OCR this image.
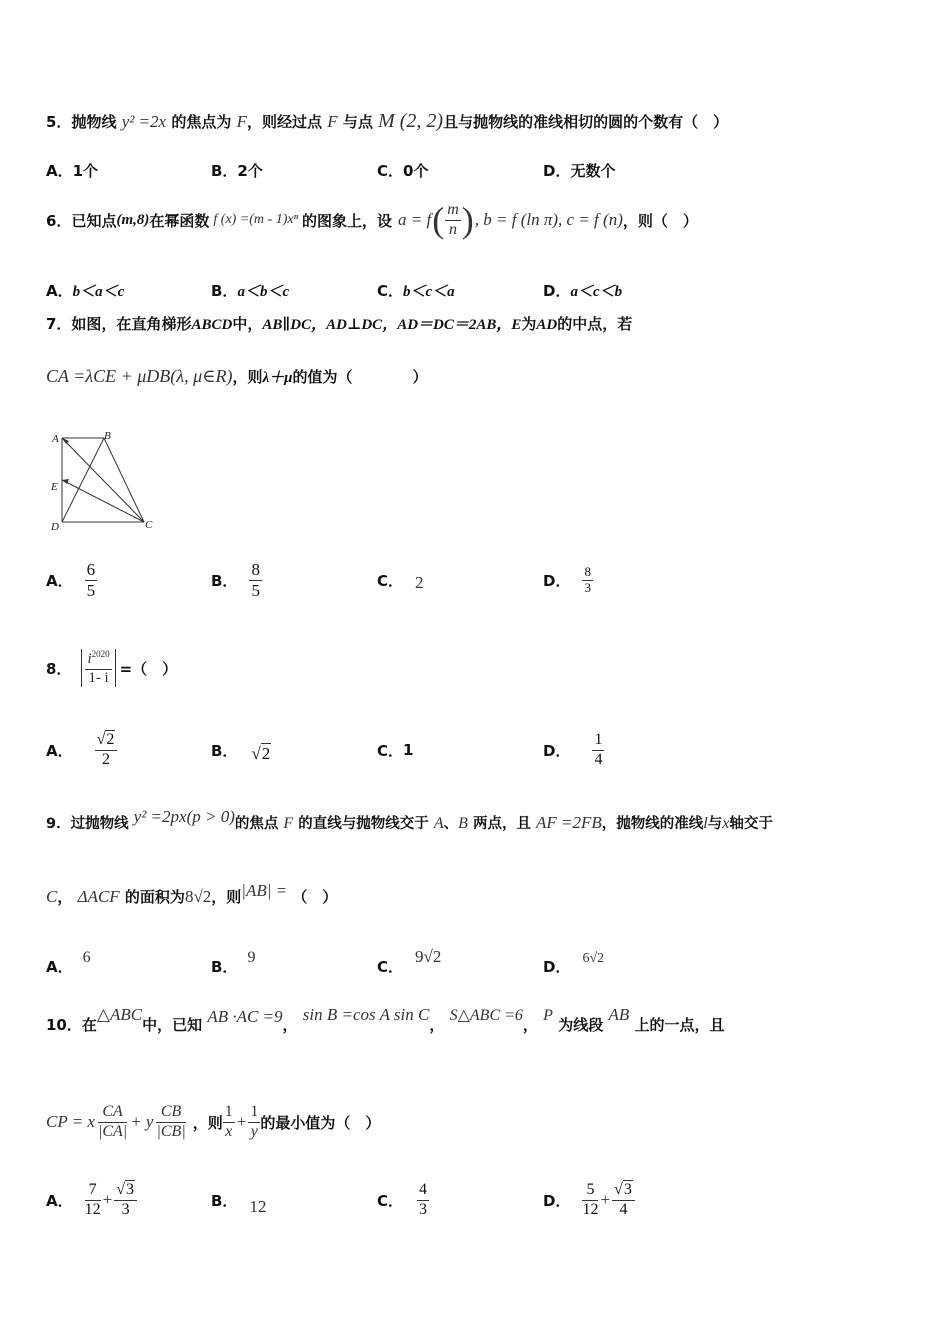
5．抛物线 y² =2x 的焦点为 F，则经过点 F 与点 M (2, 2)且与抛物线的准线相切的圆的个数有（　）
A．1个	B．2个	C．0个	D．无数个
6． 已知点 (m,8) 在幂函数 f (x) =(m - 1)xⁿ 的图象上，设 a = f ( $\frac{m}{n}$ ) , b = f (ln π), c = f (n) ，则（　）
A．b＜a＜c	B．a＜b＜c	C．b＜c＜a	D．a＜c＜b
7．如图，在直角梯形ABCD中，AB∥DC，AD⊥DC，AD＝DC＝2AB，E为AD的中点，若
CA =λCE + μDB(λ, μ∈R)，则λ＋μ的值为（　　　　）
A	B
E
D	C
A． $\frac{6}{5}$	B． $\frac{8}{5}$	C． 2	D． $\frac{8}{3}$
8． $\frac{i^{2020}}{1- i}$ =（　）
A． $\frac{√2}{2}$	B． √2	C． 1	D． $\frac{1}{4}$
9．过抛物线 y² =2px(p > 0)的焦点 F 的直线与抛物线交于 A、B 两点，且 AF =2FB，抛物线的准线l与x轴交于
C， ΔACF 的面积为8√2，则|AB| = （　）
A．6
B．9
C．9√2
D． 6√2
10．在△ABC中，已知 AB ·AC =9， sin B =cos A sin C， S△ABC =6， P 为线段 AB 上的一点，且
CP = x $\frac{CA}{|CA|} + y \frac{CB}{|CB|}$ ，则 $\frac{1}{x} + \frac{1}{y}$ 的最小值为（　）
A． $\frac{7}{12} + \frac{√3}{3}$	B． 12	C． $\frac{4}{3}$	D． $\frac{5}{12} + \frac{√3}{4}$
